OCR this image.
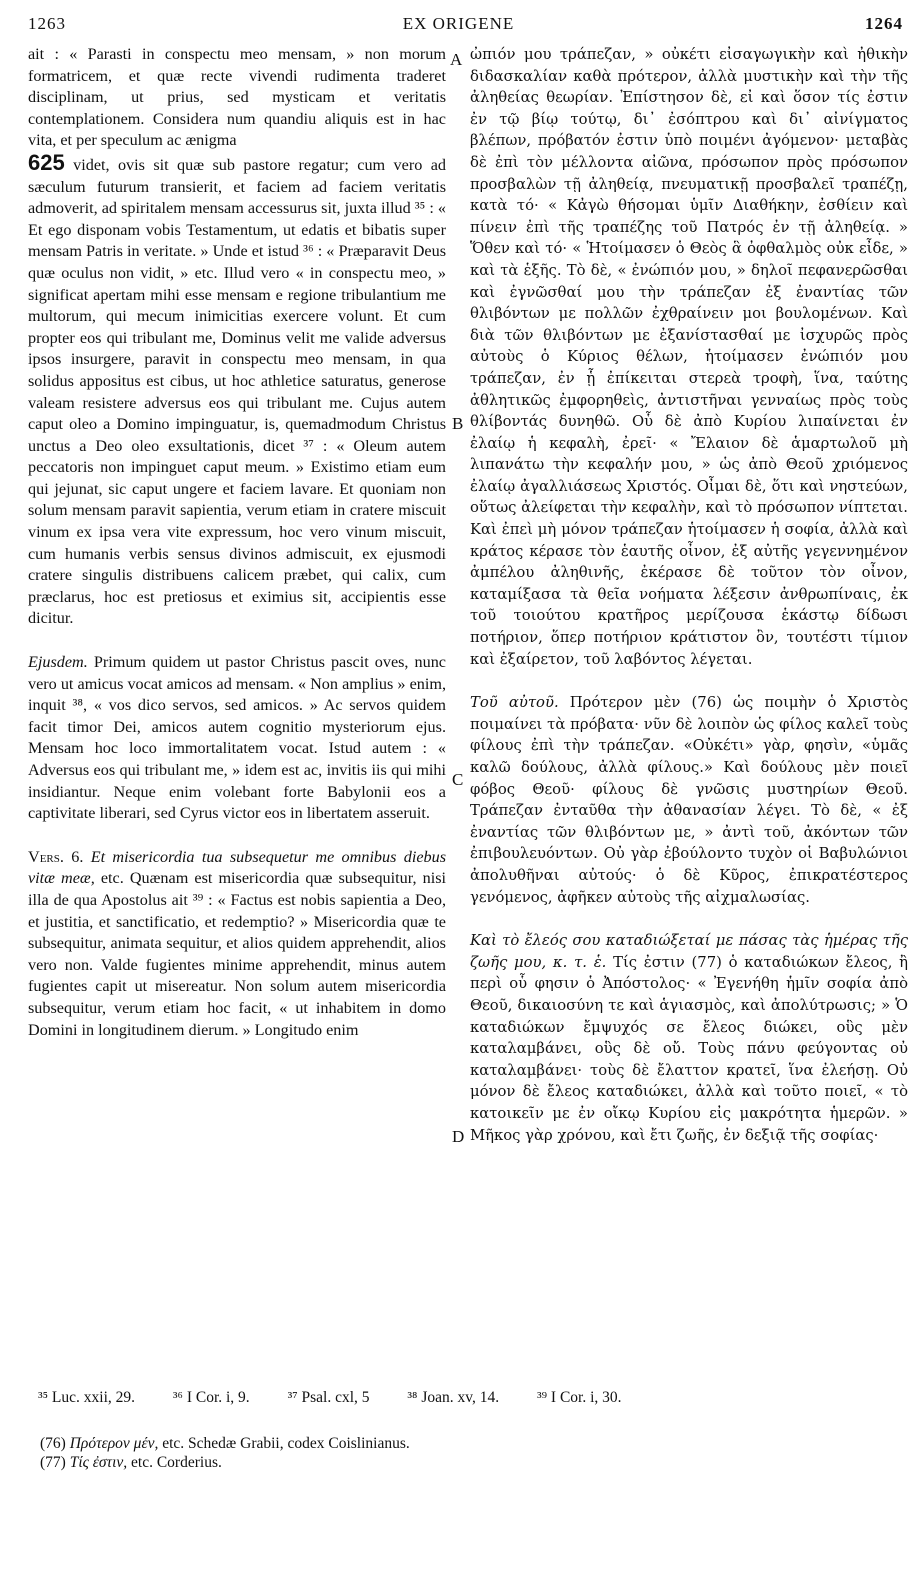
1263	EX ORIGENE	1264
A
B
C
D

ait : « Parasti in conspectu meo mensam, » non morum formatricem, et quæ recte vivendi rudimenta traderet disciplinam, ut prius, sed mysticam et veritatis contemplationem. Considera num quandiu aliquis est in hac vita, et per speculum ac ænigma
625 videt, ovis sit quæ sub pastore regatur; cum vero ad sæculum futurum transierit, et faciem ad faciem veritatis admoverit, ad spiritalem mensam accessurus sit, juxta illud ³⁵ : « Et ego disponam vobis Testamentum, ut edatis et bibatis super mensam Patris in veritate. » Unde et istud ³⁶ : « Præparavit Deus quæ oculus non vidit, » etc. Illud vero « in conspectu meo, » significat apertam mihi esse mensam e regione tribulantium me multorum, qui mecum inimicitias exercere volunt. Et cum propter eos qui tribulant me, Dominus velit me valide adversus ipsos insurgere, paravit in conspectu meo mensam, in qua solidus appositus est cibus, ut hoc athletice saturatus, generose valeam resistere adversus eos qui tribulant me. Cujus autem caput oleo a Domino impinguatur, is, quemadmodum Christus unctus a Deo oleo exsultationis, dicet ³⁷ : « Oleum autem peccatoris non impinguet caput meum. » Existimo etiam eum qui jejunat, sic caput ungere et faciem lavare. Et quoniam non solum mensam paravit sapientia, verum etiam in cratere miscuit vinum ex ipsa vera vite expressum, hoc vero vinum miscuit, cum humanis verbis sensus divinos admiscuit, ex ejusmodi cratere singulis distribuens calicem præbet, qui calix, cum præclarus, hoc est pretiosus et eximius sit, accipientis esse dicitur.

Ejusdem. Primum quidem ut pastor Christus pascit oves, nunc vero ut amicus vocat amicos ad mensam. « Non amplius » enim, inquit ³⁸, « vos dico servos, sed amicos. » Ac servos quidem facit timor Dei, amicos autem cognitio mysteriorum ejus. Mensam hoc loco immortalitatem vocat. Istud autem : « Adversus eos qui tribulant me, » idem est ac, invitis iis qui mihi insidiantur. Neque enim volebant forte Babylonii eos a captivitate liberari, sed Cyrus victor eos in libertatem asseruit.

Vers. 6. Et misericordia tua subsequetur me omnibus diebus vitæ meæ, etc. Quænam est misericordia quæ subsequitur, nisi illa de qua Apostolus ait ³⁹ : « Factus est nobis sapientia a Deo, et justitia, et sanctificatio, et redemptio? » Misericordia quæ te subsequitur, animata sequitur, et alios quidem apprehendit, alios vero non. Valde fugientes minime apprehendit, minus autem fugientes capit ut misereatur. Non solum autem misericordia subsequitur, verum etiam hoc facit, « ut inhabitem in domo Domini in longitudinem dierum. » Longitudo enim

ὠπιόν μου τράπεζαν, » οὐκέτι εἰσαγωγικὴν καὶ ἠθικὴν διδασκαλίαν καθὰ πρότερον, ἀλλὰ μυστικὴν καὶ τὴν τῆς ἀληθείας θεωρίαν. Ἐπίστησον δὲ, εἰ καὶ ὅσον τίς ἐστιν ἐν τῷ βίῳ τούτῳ, δι᾽ ἐσόπτρου καὶ δι᾽ αἰνίγματος βλέπων, πρόβατόν ἐστιν ὑπὸ ποιμένι ἀγόμενον· μεταβὰς δὲ ἐπὶ τὸν μέλλοντα αἰῶνα, πρόσωπον πρὸς πρόσωπον προσβαλὼν τῇ ἀληθείᾳ, πνευματικῇ προσβαλεῖ τραπέζῃ, κατὰ τό· « Κἀγὼ θήσομαι ὑμῖν Διαθήκην, ἐσθίειν καὶ πίνειν ἐπὶ τῆς τραπέζης τοῦ Πατρός ἐν τῇ ἀληθείᾳ. » Ὅθεν καὶ τό· « Ἡτοίμασεν ὁ Θεὸς ἃ ὀφθαλμὸς οὐκ εἶδε, » καὶ τὰ ἑξῆς. Τὸ δὲ, « ἐνώπιόν μου, » δηλοῖ πεφανερῶσθαι καὶ ἐγνῶσθαί μου τὴν τράπεζαν ἐξ ἐναντίας τῶν θλιβόντων με πολλῶν ἐχθραίνειν μοι βουλομένων. Καὶ διὰ τῶν θλιβόντων με ἐξανίστασθαί με ἰσχυρῶς πρὸς αὐτοὺς ὁ Κύριος θέλων, ἡτοίμασεν ἐνώπιόν μου τράπεζαν, ἐν ᾗ ἐπίκειται στερεὰ τροφὴ, ἵνα, ταύτης ἀθλητικῶς ἐμφορηθεὶς, ἀντιστῆναι γενναίως πρὸς τοὺς θλίβοντάς δυνηθῶ. Οὗ δὲ ἀπὸ Κυρίου λιπαίνεται ἐν ἐλαίῳ ἡ κεφαλὴ, ἐρεῖ· « Ἔλαιον δὲ ἁμαρτωλοῦ μὴ λιπανάτω τὴν κεφαλήν μου, » ὡς ἀπὸ Θεοῦ χριόμενος ἐλαίῳ ἀγαλλιάσεως Χριστός. Οἶμαι δὲ, ὅτι καὶ νηστεύων, οὕτως ἀλείφεται τὴν κεφαλὴν, καὶ τὸ πρόσωπον νίπτεται. Καὶ ἐπεὶ μὴ μόνον τράπεζαν ἡτοίμασεν ἡ σοφία, ἀλλὰ καὶ κράτος κέρασε τὸν ἑαυτῆς οἶνον, ἐξ αὐτῆς γεγεννημένον ἀμπέλου ἀληθινῆς, ἐκέρασε δὲ τοῦτον τὸν οἶνον, καταμίξασα τὰ θεῖα νοήματα λέξεσιν ἀνθρωπίναις, ἐκ τοῦ τοιούτου κρατῆρος μερίζουσα ἑκάστῳ δίδωσι ποτήριον, ὅπερ ποτήριον κράτιστον ὂν, τουτέστι τίμιον καὶ ἐξαίρετον, τοῦ λαβόντος λέγεται.

Τοῦ αὐτοῦ. Πρότερον μὲν (76) ὡς ποιμὴν ὁ Χριστὸς ποιμαίνει τὰ πρόβατα· νῦν δὲ λοιπὸν ὡς φίλος καλεῖ τοὺς φίλους ἐπὶ τὴν τράπεζαν. «Οὐκέτι» γὰρ, φησὶν, «ὑμᾶς καλῶ δούλους, ἀλλὰ φίλους.» Καὶ δούλους μὲν ποιεῖ φόβος Θεοῦ· φίλους δὲ γνῶσις μυστηρίων Θεοῦ. Τράπεζαν ἐνταῦθα τὴν ἀθανασίαν λέγει. Τὸ δὲ, « ἐξ ἐναντίας τῶν θλιβόντων με, » ἀντὶ τοῦ, ἀκόντων τῶν ἐπιβουλευόντων. Οὐ γὰρ ἐβούλοντο τυχὸν οἱ Βαβυλώνιοι ἀπολυθῆναι αὐτούς· ὁ δὲ Κῦρος, ἐπικρατέστερος γενόμενος, ἀφῆκεν αὐτοὺς τῆς αἰχμαλωσίας.

Καὶ τὸ ἔλεός σου καταδιώξεταί με πάσας τὰς ἡμέρας τῆς ζωῆς μου, κ. τ. ἑ. Τίς ἐστιν (77) ὁ καταδιώκων ἔλεος, ἢ περὶ οὗ φησιν ὁ Ἀπόστολος· « Ἐγενήθη ἡμῖν σοφία ἀπὸ Θεοῦ, δικαιοσύνη τε καὶ ἁγιασμὸς, καὶ ἀπολύτρωσις; » Ὁ καταδιώκων ἔμψυχός σε ἔλεος διώκει, οὓς μὲν καταλαμβάνει, οὓς δὲ οὔ. Τοὺς πάνυ φεύγοντας οὐ καταλαμβάνει· τοὺς δὲ ἔλαττον κρατεῖ, ἵνα ἐλεήσῃ. Οὐ μόνον δὲ ἔλεος καταδιώκει, ἀλλὰ καὶ τοῦτο ποιεῖ, « τὸ κατοικεῖν με ἐν οἴκῳ Κυρίου εἰς μακρότητα ἡμερῶν. » Μῆκος γὰρ χρόνου, καὶ ἔτι ζωῆς, ἐν δεξιᾷ τῆς σοφίας·

³⁵ Luc. xxii, 29. ³⁶ I Cor. i, 9. ³⁷ Psal. cxl, 5 ³⁸ Joan. xv, 14. ³⁹ I Cor. i, 30.
(76) Πρότερον μέν, etc. Schedæ Grabii, codex Coislinianus.
(77) Τίς ἐστιν, etc. Corderius.
